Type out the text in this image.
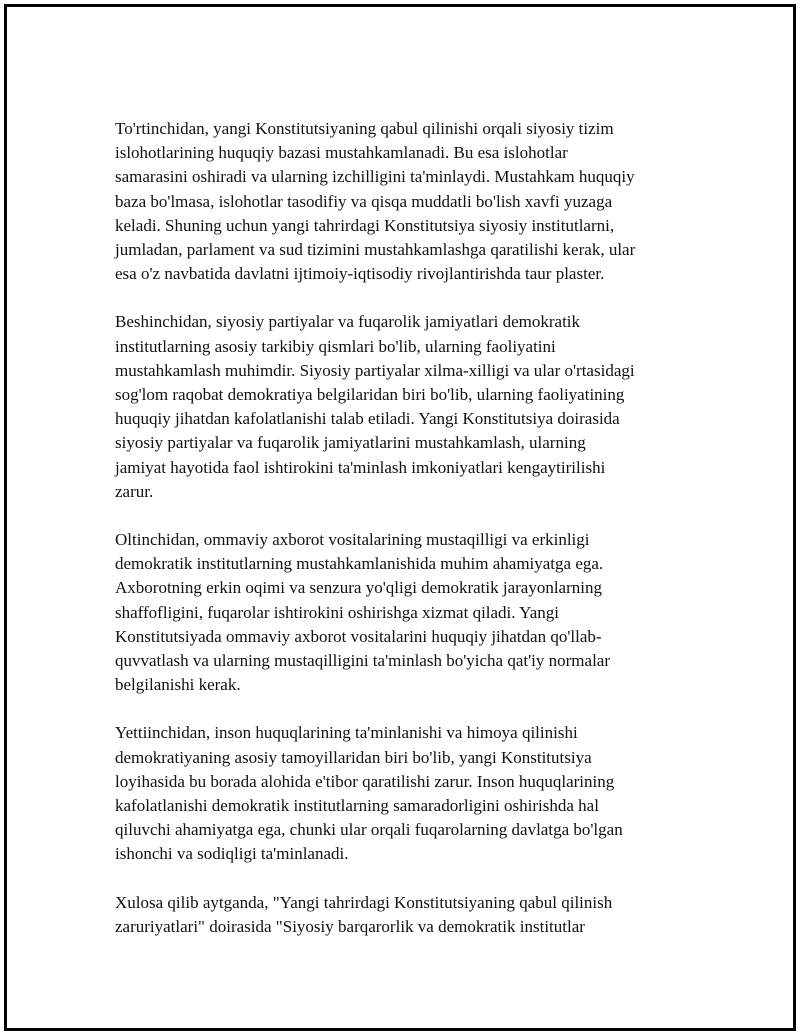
To'rtinchidan, yangi Konstitutsiyaning qabul qilinishi orqali siyosiy tizim
islohotlarining huquqiy bazasi mustahkamlanadi. Bu esa islohotlar
samarasini oshiradi va ularning izchilligini ta'minlaydi. Mustahkam huquqiy
baza bo'lmasa, islohotlar tasodifiy va qisqa muddatli bo'lish xavfi yuzaga
keladi. Shuning uchun yangi tahrirdagi Konstitutsiya siyosiy institutlarni,
jumladan, parlament va sud tizimini mustahkamlashga qaratilishi kerak, ular
esa o'z navbatida davlatni ijtimoiy-iqtisodiy rivojlantirishda taur plaster.

Beshinchidan, siyosiy partiyalar va fuqarolik jamiyatlari demokratik
institutlarning asosiy tarkibiy qismlari bo'lib, ularning faoliyatini
mustahkamlash muhimdir. Siyosiy partiyalar xilma-xilligi va ular o'rtasidagi
sog'lom raqobat demokratiya belgilaridan biri bo'lib, ularning faoliyatining
huquqiy jihatdan kafolatlanishi talab etiladi. Yangi Konstitutsiya doirasida
siyosiy partiyalar va fuqarolik jamiyatlarini mustahkamlash, ularning
jamiyat hayotida faol ishtirokini ta'minlash imkoniyatlari kengaytirilishi
zarur.

Oltinchidan, ommaviy axborot vositalarining mustaqilligi va erkinligi
demokratik institutlarning mustahkamlanishida muhim ahamiyatga ega.
Axborotning erkin oqimi va senzura yo'qligi demokratik jarayonlarning
shaffofligini, fuqarolar ishtirokini oshirishga xizmat qiladi. Yangi
Konstitutsiyada ommaviy axborot vositalarini huquqiy jihatdan qo'llab-
quvvatlash va ularning mustaqilligini ta'minlash bo'yicha qat'iy normalar
belgilanishi kerak.

Yettiinchidan, inson huquqlarining ta'minlanishi va himoya qilinishi
demokratiyaning asosiy tamoyillaridan biri bo'lib, yangi Konstitutsiya
loyihasida bu borada alohida e'tibor qaratilishi zarur. Inson huquqlarining
kafolatlanishi demokratik institutlarning samaradorligini oshirishda hal
qiluvchi ahamiyatga ega, chunki ular orqali fuqarolarning davlatga bo'lgan
ishonchi va sodiqligi ta'minlanadi.

Xulosa qilib aytganda, "Yangi tahrirdagi Konstitutsiyaning qabul qilinish
zaruriyatlari" doirasida "Siyosiy barqarorlik va demokratik institutlar
